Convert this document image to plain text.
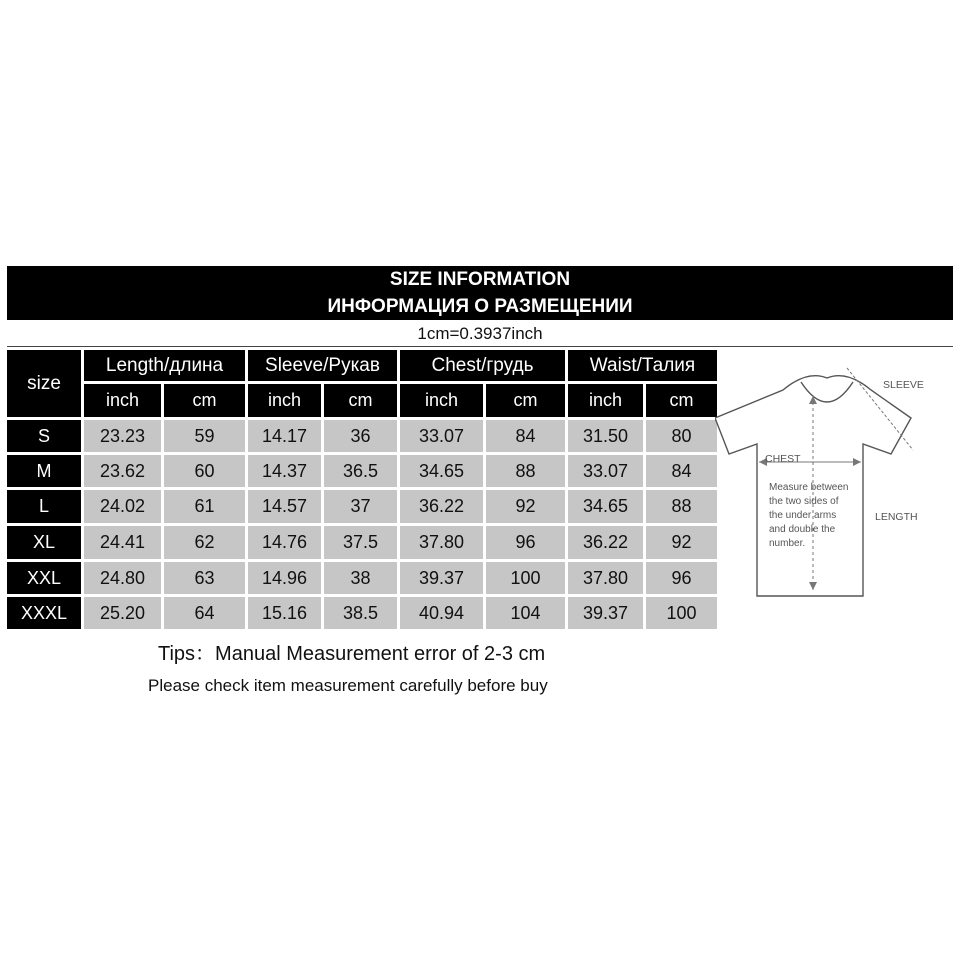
SIZE INFORMATION
ИНФОРМАЦИЯ О РАЗМЕЩЕНИИ
1cm=0.3937inch
size
Length/длина	Sleeve/Рукав	Chest/грудь	Waist/Талия
inch	cm	inch	cm	inch	cm	inch	cm
S	23.23	59	14.17	36	33.07	84	31.50	80
M	23.62	60	14.37	36.5	34.65	88	33.07	84
L	24.02	61	14.57	37	36.22	92	34.65	88
XL	24.41	62	14.76	37.5	37.80	96	36.22	92
XXL	24.80	63	14.96	38	39.37	100	37.80	96
XXXL	25.20	64	15.16	38.5	40.94	104	39.37	100
Tips：Manual Measurement error of 2-3 cm
Please check item measurement carefully before buy
SLEEVE
CHEST
LENGTH
Measure between
the two sides of
the under arms
and double the
number.
